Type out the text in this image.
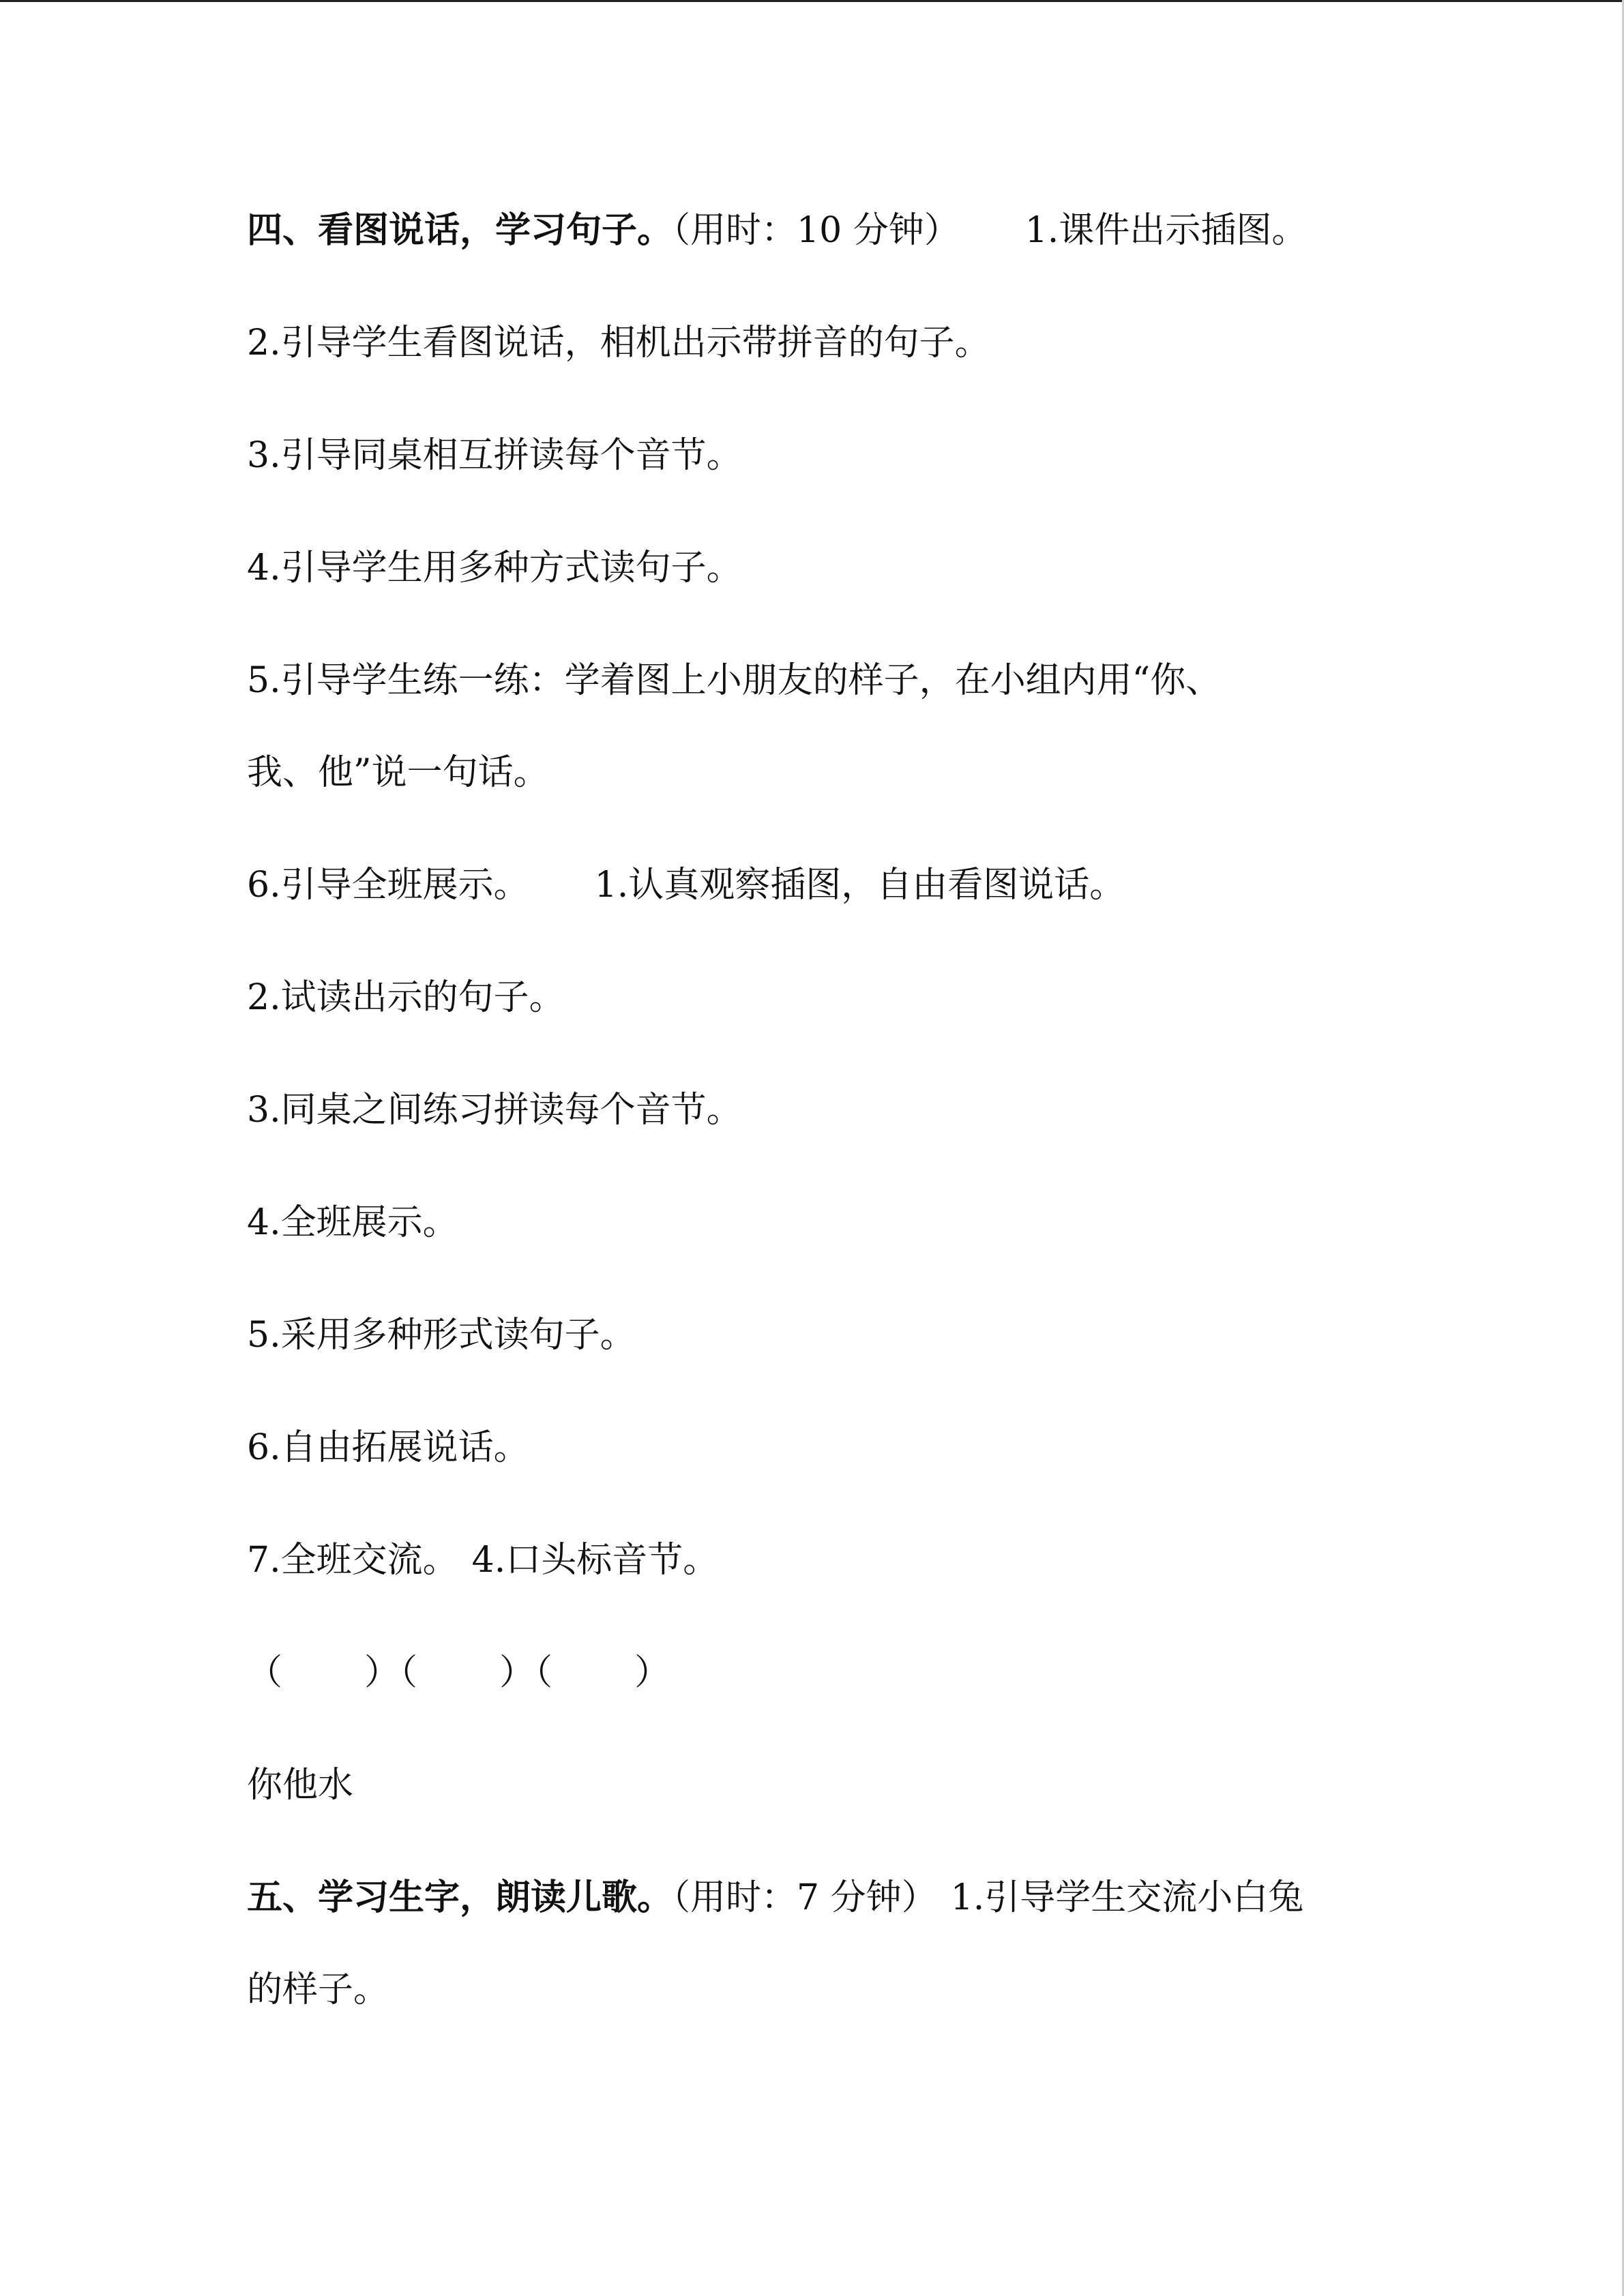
四、看图说话，学习句子。（用时：10 分钟） 1.课件出示插图。
2.引导学生看图说话，相机出示带拼音的句子。
3.引导同桌相互拼读每个音节。
4.引导学生用多种方式读句子。
5.引导学生练一练：学着图上小朋友的样子，在小组内用“你、
我、他”说一句话。
6.引导全班展示。 1.认真观察插图，自由看图说话。
2.试读出示的句子。
3.同桌之间练习拼读每个音节。
4.全班展示。
5.采用多种形式读句子。
6.自由拓展说话。
7.全班交流。 4.口头标音节。
（ ）（ ）（ ）
你他水
五、学习生字，朗读儿歌。（用时：7 分钟） 1.引导学生交流小白兔
的样子。
